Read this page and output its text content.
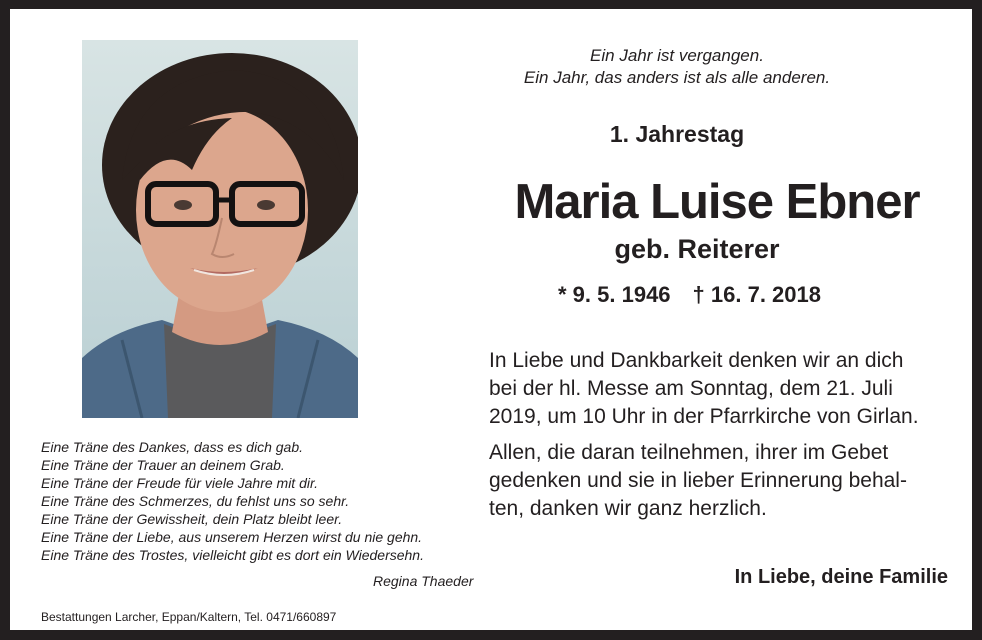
Ein Jahr ist vergangen.
Ein Jahr, das anders ist als alle anderen.
1. Jahrestag
Maria Luise Ebner
geb. Reiterer
* 9. 5. 1946 † 16. 7. 2018

In Liebe und Dankbarkeit denken wir an dich
bei der hl. Messe am Sonntag, dem 21. Juli
2019, um 10 Uhr in der Pfarrkirche von Girlan.

Allen, die daran teilnehmen, ihrer im Gebet
gedenken und sie in lieber Erinnerung behal-
ten, danken wir ganz herzlich.

In Liebe, deine Familie
Eine Träne des Dankes, dass es dich gab.
Eine Träne der Trauer an deinem Grab.
Eine Träne der Freude für viele Jahre mit dir.
Eine Träne des Schmerzes, du fehlst uns so sehr.
Eine Träne der Gewissheit, dein Platz bleibt leer.
Eine Träne der Liebe, aus unserem Herzen wirst du nie gehn.
Eine Träne des Trostes, vielleicht gibt es dort ein Wiedersehn.
Regina Thaeder
Bestattungen Larcher, Eppan/Kaltern, Tel. 0471/660897
